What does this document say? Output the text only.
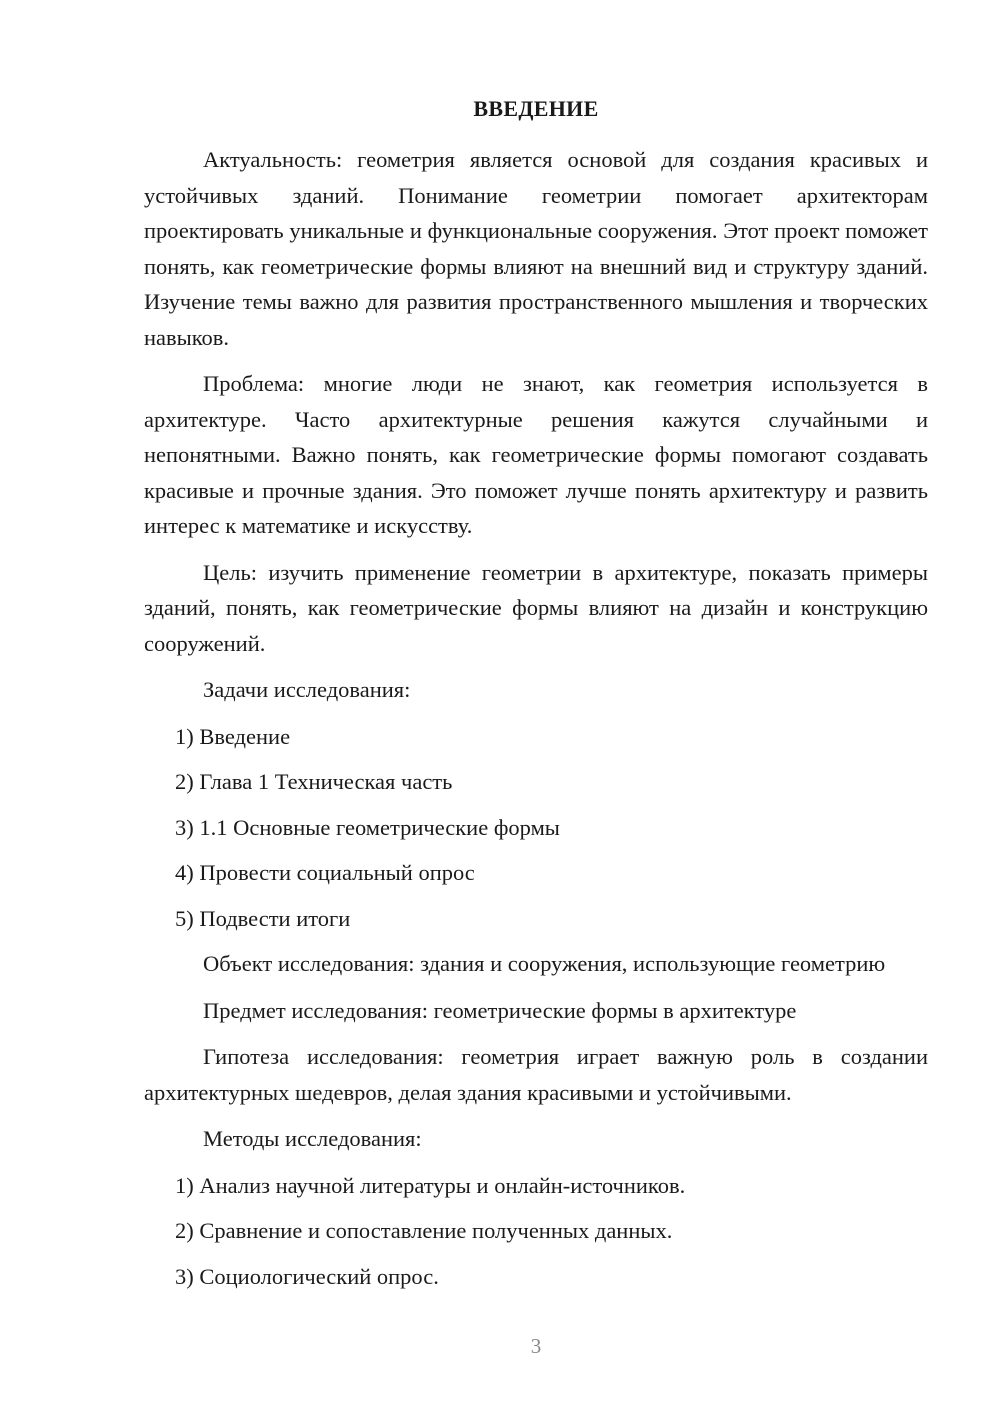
ВВЕДЕНИЕ

Актуальность: геометрия является основой для создания красивых и устойчивых зданий. Понимание геометрии помогает архитекторам проектировать уникальные и функциональные сооружения. Этот проект поможет понять, как геометрические формы влияют на внешний вид и структуру зданий. Изучение темы важно для развития пространственного мышления и творческих навыков.

Проблема: многие люди не знают, как геометрия используется в архитектуре. Часто архитектурные решения кажутся случайными и непонятными. Важно понять, как геометрические формы помогают создавать красивые и прочные здания. Это поможет лучше понять архитектуру и развить интерес к математике и искусству.

Цель: изучить применение геометрии в архитектуре, показать примеры зданий, понять, как геометрические формы влияют на дизайн и конструкцию сооружений.

Задачи исследования:

1) Введение

2) Глава 1 Техническая часть

3) 1.1 Основные геометрические формы

4) Провести социальный опрос

5) Подвести итоги

Объект исследования: здания и сооружения, использующие геометрию

Предмет исследования: геометрические формы в архитектуре

Гипотеза исследования: геометрия играет важную роль в создании архитектурных шедевров, делая здания красивыми и устойчивыми.

Методы исследования:

1) Анализ научной литературы и онлайн-источников.

2) Сравнение и сопоставление полученных данных.

3) Социологический опрос.

3
